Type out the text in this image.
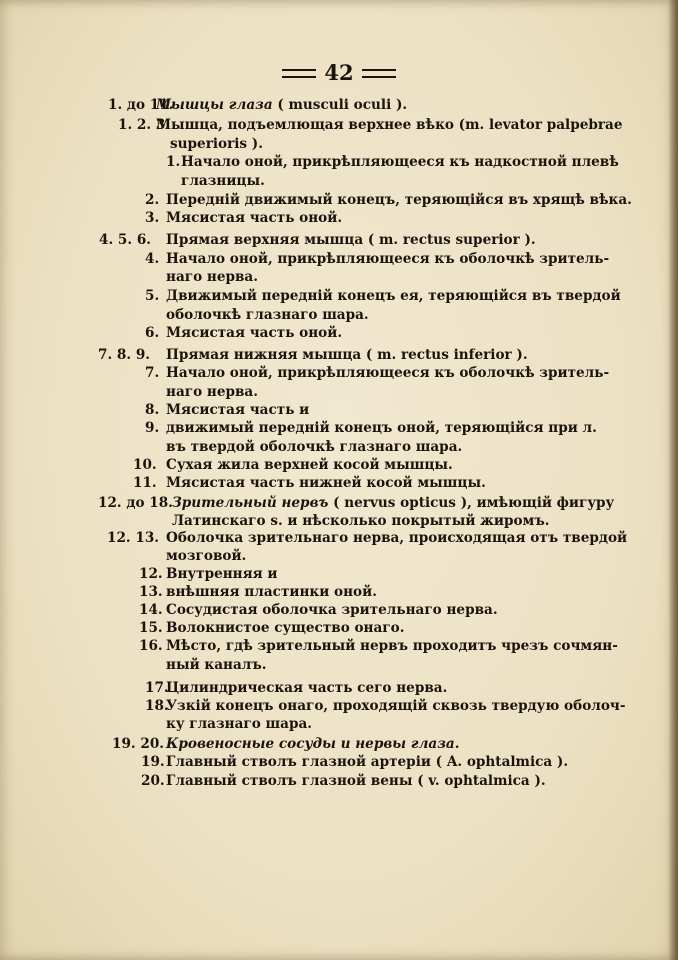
42
1. до 11.
Мышцы глаза ( musculi oculi ).
1. 2. 3.
Мышца, подъемлющая верхнее вѣко (m. levator palpebrae
superioris ).
1. Начало оной, прикрѣпляющееся къ надкостной плевѣ
глазницы.
2. Передній движимый конецъ, теряющійся въ хрящѣ вѣка.
3. Мясистая часть оной.
4. 5. 6. Прямая верхняя мышца ( m. rectus superior ).
4. Начало оной, прикрѣпляющееся къ оболочкѣ зритель-
наго нерва.
5. Движимый передній конецъ ея, теряющійся въ твердой
оболочкѣ глазнаго шара.
6. Мясистая часть оной.
7. 8. 9. Прямая нижняя мышца ( m. rectus inferior ).
7. Начало оной, прикрѣпляющееся къ оболочкѣ зритель-
наго нерва.
8. Мясистая часть и
9. движимый передній конецъ оной, теряющійся при л.
въ твердой оболочкѣ глазнаго шара.
10. Сухая жила верхней косой мышцы.
11. Мясистая часть нижней косой мышцы.
12. до 18. Зрительный нервъ ( nervus opticus ), имѣющій фигуру
Латинскаго s. и нѣсколько покрытый жиромъ.
12. 13. Оболочка зрительнаго нерва, происходящая отъ твердой
мозговой.
12. Внутренняя и
13. внѣшняя пластинки оной.
14. Сосудистая оболочка зрительнаго нерва.
15. Волокнистое существо онаго.
16. Мѣсто, гдѣ зрительный нервъ проходитъ чрезъ сочмян-
ный каналъ.
17.
Цилиндрическая часть сего нерва.
18.
Узкій конецъ онаго, проходящій сквозь твердую оболоч-
ку глазнаго шара.
19. 20. Кровеносные сосуды и нервы глаза.
19. Главный стволъ глазной артеріи ( A. ophtalmica ).
20. Главный стволъ глазной вены ( v. ophtalmica ).
